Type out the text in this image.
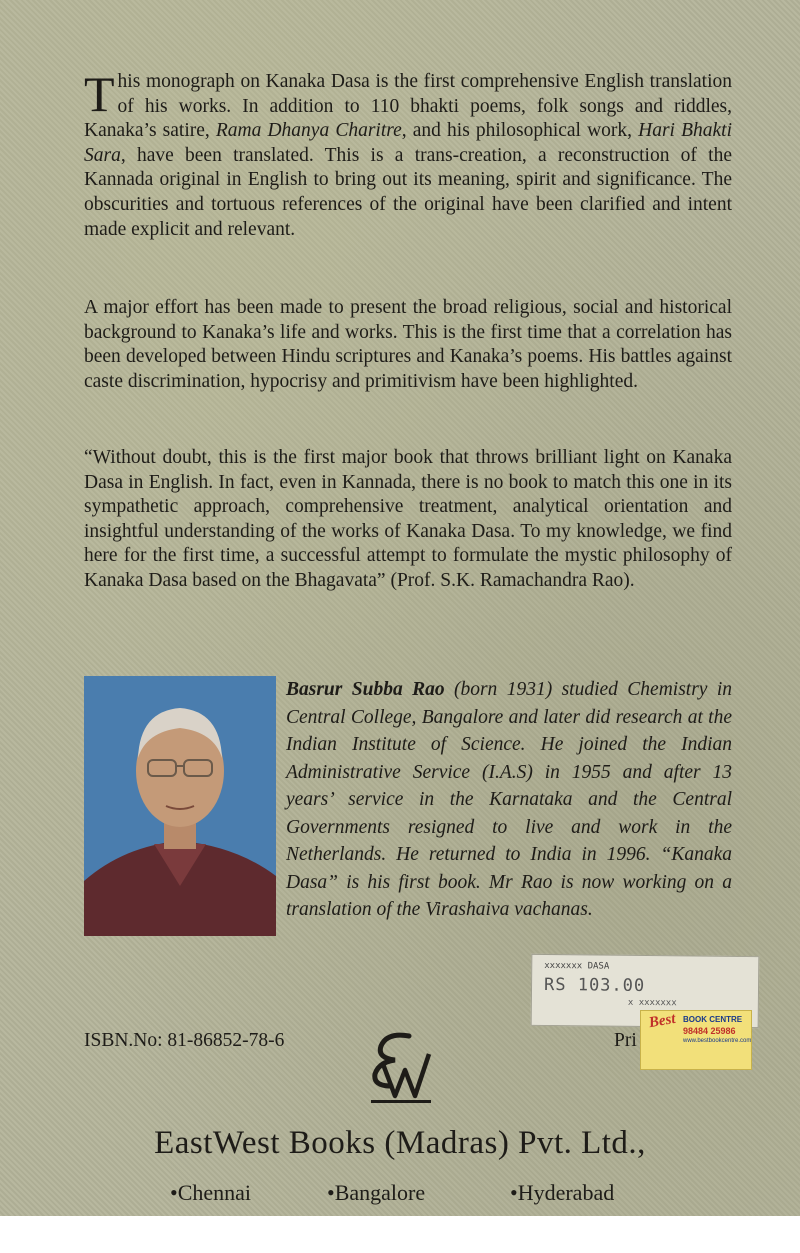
This monograph on Kanaka Dasa is the first comprehensive English translation of his works. In addition to 110 bhakti poems, folk songs and riddles, Kanaka’s satire, Rama Dhanya Charitre, and his philosophical work, Hari Bhakti Sara, have been translated. This is a trans-creation, a reconstruction of the Kannada original in English to bring out its meaning, spirit and significance. The obscurities and tortuous references of the original have been clarified and intent made explicit and relevant.

A major effort has been made to present the broad religious, social and historical background to Kanaka’s life and works. This is the first time that a correlation has been developed between Hindu scriptures and Kanaka’s poems. His battles against caste discrimination, hypocrisy and primitivism have been highlighted.

“Without doubt, this is the first major book that throws brilliant light on Kanaka Dasa in English. In fact, even in Kannada, there is no book to match this one in its sympathetic approach, comprehensive treatment, analytical orientation and insightful understanding of the works of Kanaka Dasa. To my knowledge, we find here for the first time, a successful attempt to formulate the mystic philosophy of Kanaka Dasa based on the Bhagavata” (Prof. S.K. Ramachandra Rao).

Basrur Subba Rao (born 1931) studied Chemistry in Central College, Bangalore and later did research at the Indian Institute of Science. He joined the Indian Administrative Service (I.A.S) in 1955 and after 13 years’ service in the Karnataka and the Central Governments resigned to live and work in the Netherlands. He returned to India in 1996. “Kanaka Dasa” is his first book. Mr Rao is now working on a translation of the Virashaiva vachanas.

xxxxxxx DASA
RS 103.00
x xxxxxxx

ISBN.No: 81-86852-78-6	Pri

Best BOOK CENTRE
98484 25986
www.bestbookcentre.com

EastWest Books (Madras) Pvt. Ltd.,

•Chennai	•Bangalore	•Hyderabad
